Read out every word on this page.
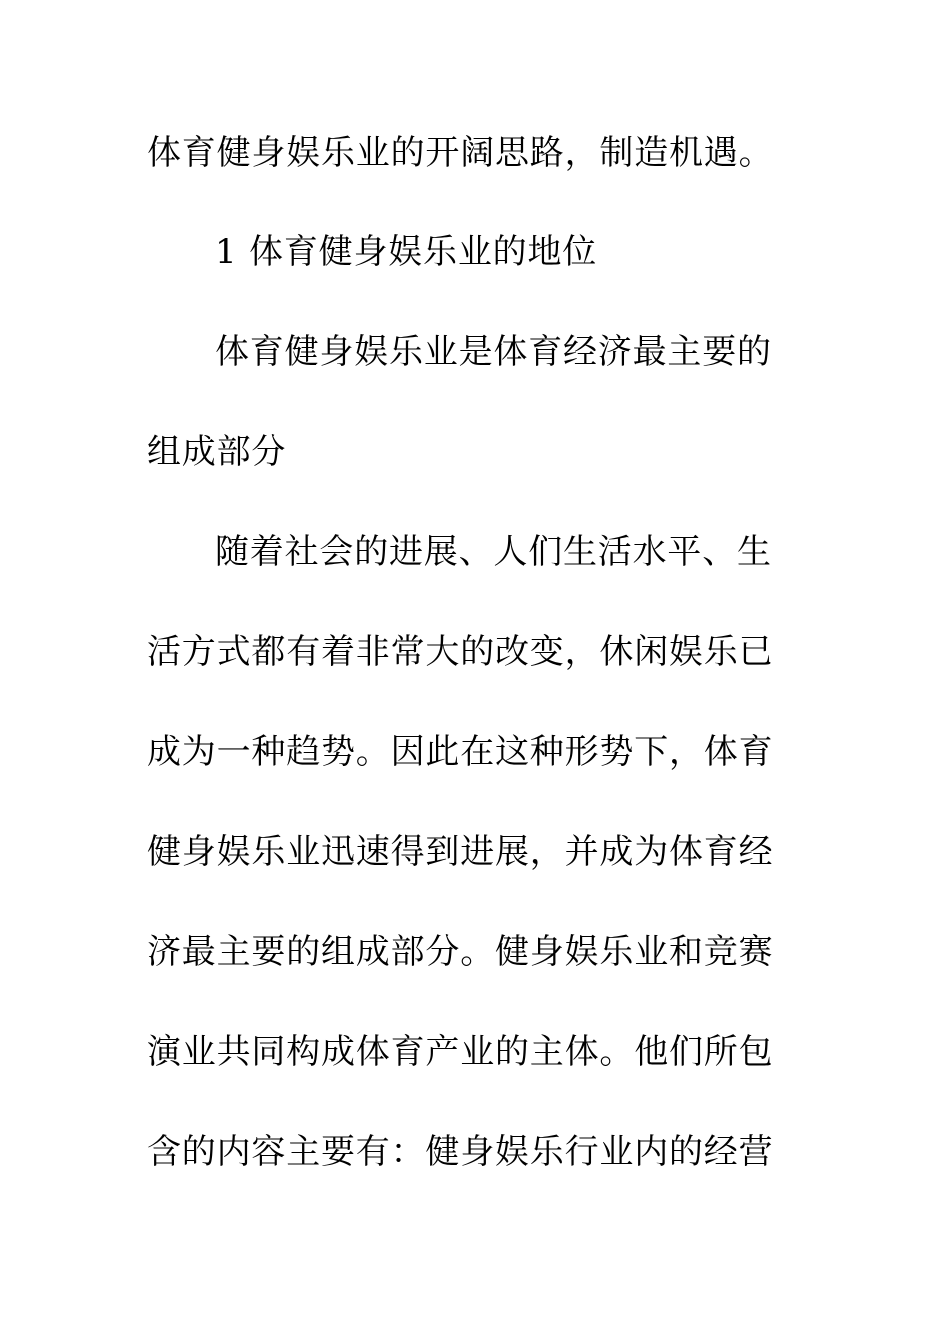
体育健身娱乐业的开阔思路，制造机遇。
1 体育健身娱乐业的地位
体育健身娱乐业是体育经济最主要的
组成部分
随着社会的进展、人们生活水平、生
活方式都有着非常大的改变，休闲娱乐已
成为一种趋势。因此在这种形势下，体育
健身娱乐业迅速得到进展，并成为体育经
济最主要的组成部分。健身娱乐业和竞赛
演业共同构成体育产业的主体。他们所包
含的内容主要有：健身娱乐行业内的经营
